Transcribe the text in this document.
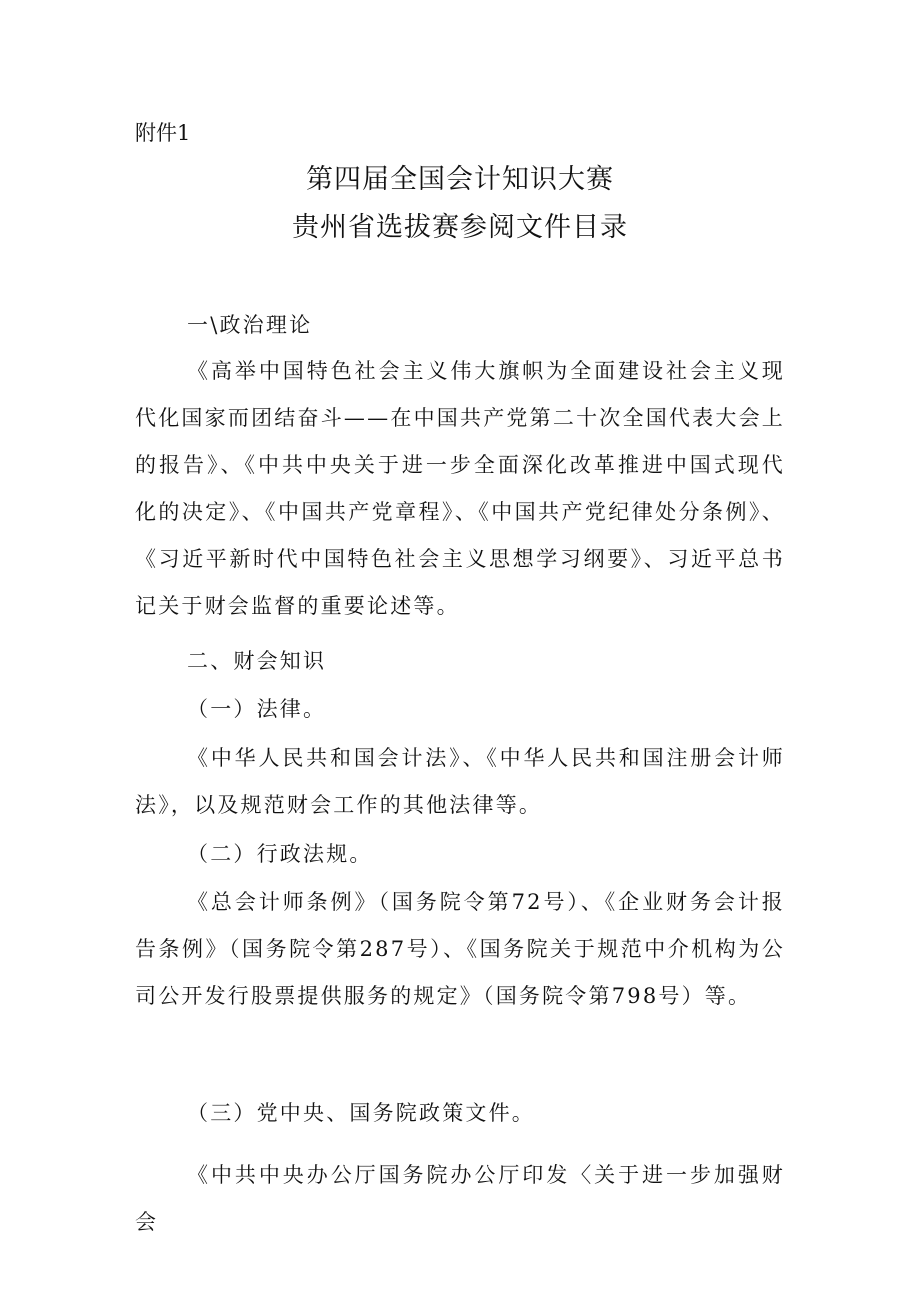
附件1
第四届全国会计知识大赛
贵州省选拔赛参阅文件目录

一\政治理论

《高举中国特色社会主义伟大旗帜为全面建设社会主义现代化国家而团结奋斗——在中国共产党第二十次全国代表大会上的报告》、《中共中央关于进一步全面深化改革推进中国式现代化的决定》、《中国共产党章程》、《中国共产党纪律处分条例》、《习近平新时代中国特色社会主义思想学习纲要》、习近平总书记关于财会监督的重要论述等。

二、财会知识

（一）法律。

《中华人民共和国会计法》、《中华人民共和国注册会计师法》，以及规范财会工作的其他法律等。

（二）行政法规。

《总会计师条例》（国务院令第72号）、《企业财务会计报告条例》（国务院令第287号）、《国务院关于规范中介机构为公司公开发行股票提供服务的规定》（国务院令第798号）等。

（三）党中央、国务院政策文件。

《中共中央办公厅国务院办公厅印发〈关于进一步加强财会
